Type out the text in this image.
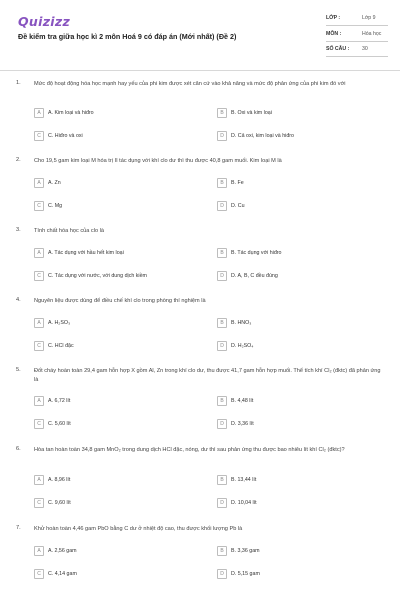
Quizizz
Đề kiểm tra giữa học kì 2 môn Hoá 9 có đáp án (Mới nhất) (Đề 2)
LỚP :	Lớp 9
MÔN :	Hóa học
SỐ CÂU : 30
1. Mức độ hoạt động hóa học mạnh hay yếu của phi kim được xét căn cứ vào khả năng và mức độ phản ứng của phi kim đó với
A	A. Kim loại và hiđro	B	B. Oxi và kim loại
C	C. Hiđro và oxi	D	D. Cả oxi, kim loại và hiđro
2. Cho 19,5 gam kim loại M hóa trị II tác dụng với khí clo dư thì thu được 40,8 gam muối. Kim loại M là
A	A. Zn	B	B. Fe
C	C. Mg	D	D. Cu
3. Tính chất hóa học của clo là
A	A. Tác dụng với hầu hết kim loại	B	B. Tác dụng với hiđro
C	C. Tác dụng với nước, với dung dịch kiềm	D	D. A, B, C đều đúng
4. Nguyên liệu được dùng để điều chế khí clo trong phòng thí nghiệm là
A	A. H₂SO₃	B	B. HNO₃
C	C. HCl đặc	D	D. H₂SO₄
5. Đốt cháy hoàn toàn 29,4 gam hỗn hợp X gồm Al, Zn trong khí clo dư, thu được 41,7 gam hỗn hợp muối. Thể tích khí Cl₂ (đktc) đã phản ứng là
A	A. 6,72 lít	B	B. 4,48 lít
C	C. 5,60 lít	D	D. 3,36 lít
6. Hòa tan hoàn toàn 34,8 gam MnO₂ trong dung dịch HCl đặc, nóng, dư thì sau phản ứng thu được bao nhiêu lít khí Cl₂ (đktc)?
A	A. 8,96 lít	B	B. 13,44 lít
C	C. 9,60 lít	D	D. 10,04 lít
7. Khử hoàn toàn 4,46 gam PbO bằng C dư ở nhiệt độ cao, thu được khối lượng Pb là
A	A. 2,56 gam	B	B. 3,36 gam
C	C. 4,14 gam	D	D. 5,15 gam
